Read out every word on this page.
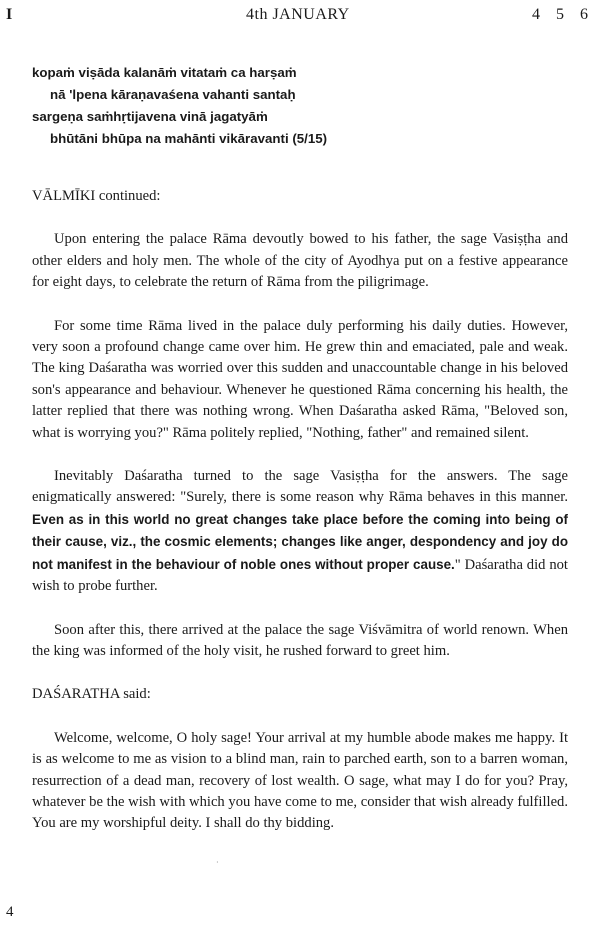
I	4th JANUARY	4 5 6
kopaṁ viṣāda kalanāṁ vitataṁ ca harṣaṁ
nā 'lpena kāraṇavaśena vahanti santaḥ
sargeṇa saṁhṛtijavena vinā jagatyāṁ
bhūtāni bhūpa na mahānti vikāravanti (5/15)

VĀLMĪKI continued:

Upon entering the palace Rāma devoutly bowed to his father, the sage Vasiṣṭha and other elders and holy men. The whole of the city of Ayodhya put on a festive appearance for eight days, to celebrate the return of Rāma from the piligrimage.

For some time Rāma lived in the palace duly performing his daily duties. However, very soon a profound change came over him. He grew thin and emaciated, pale and weak. The king Daśaratha was worried over this sudden and unaccountable change in his beloved son's appearance and behaviour. Whenever he questioned Rāma concerning his health, the latter replied that there was nothing wrong. When Daśaratha asked Rāma, "Beloved son, what is worrying you?" Rāma politely replied, "Nothing, father" and remained silent.

Inevitably Daśaratha turned to the sage Vasiṣṭha for the answers. The sage enigmatically answered: "Surely, there is some reason why Rāma behaves in this manner. Even as in this world no great changes take place before the coming into being of their cause, viz., the cosmic elements; changes like anger, despondency and joy do not manifest in the behaviour of noble ones without proper cause." Daśaratha did not wish to probe further.

Soon after this, there arrived at the palace the sage Viśvāmitra of world renown. When the king was informed of the holy visit, he rushed forward to greet him.

DAŚARATHA said:

Welcome, welcome, O holy sage! Your arrival at my humble abode makes me happy. It is as welcome to me as vision to a blind man, rain to parched earth, son to a barren woman, resurrection of a dead man, recovery of lost wealth. O sage, what may I do for you? Pray, whatever be the wish with which you have come to me, consider that wish already fulfilled. You are my worshipful deity. I shall do thy bidding.

·
4
